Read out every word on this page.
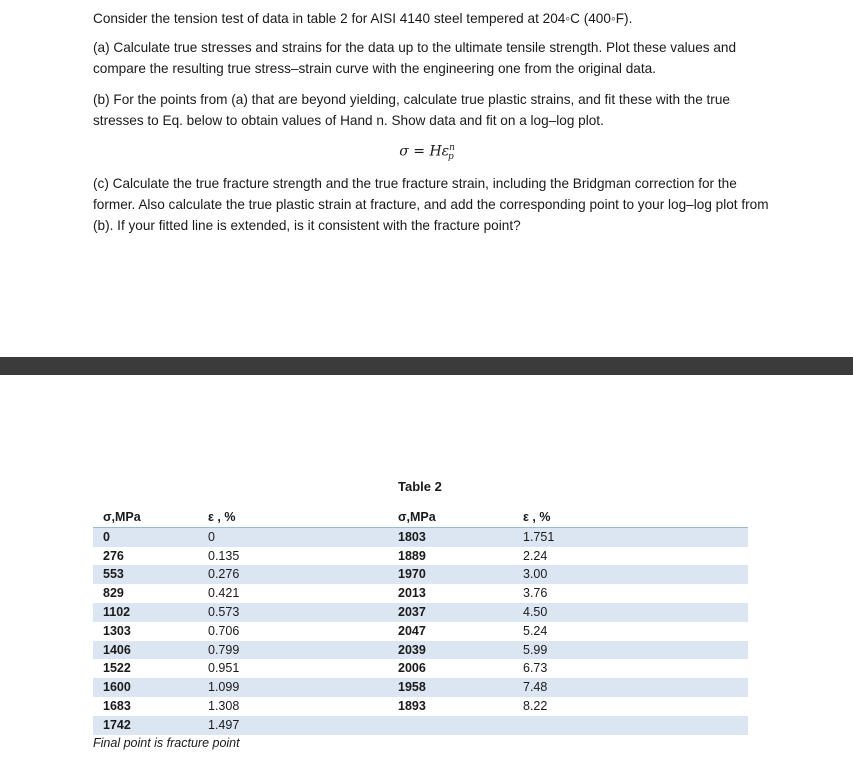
Consider the tension test of data in table 2 for AISI 4140 steel tempered at 204◦C (400◦F).

(a) Calculate true stresses and strains for the data up to the ultimate tensile strength. Plot these values and compare the resulting true stress–strain curve with the engineering one from the original data.

(b) For the points from (a) that are beyond yielding, calculate true plastic strains, and fit these with the true stresses to Eq. below to obtain values of Hand n. Show data and fit on a log–log plot.

$\sigma = H\varepsilon^n_p$

(c) Calculate the true fracture strength and the true fracture strain, including the Bridgman correction for the former. Also calculate the true plastic strain at fracture, and add the corresponding point to your log–log plot from (b). If your fitted line is extended, is it consistent with the fracture point?

Table 2
σ,MPa	ε , %	σ,MPa	ε , %
0	0	1803	1.751
276	0.135	1889	2.24
553	0.276	1970	3.00
829	0.421	2013	3.76
1102	0.573	2037	4.50
1303	0.706	2047	5.24
1406	0.799	2039	5.99
1522	0.951	2006	6.73
1600	1.099	1958	7.48
1683	1.308	1893	8.22
1742	1.497
Final point is fracture point
